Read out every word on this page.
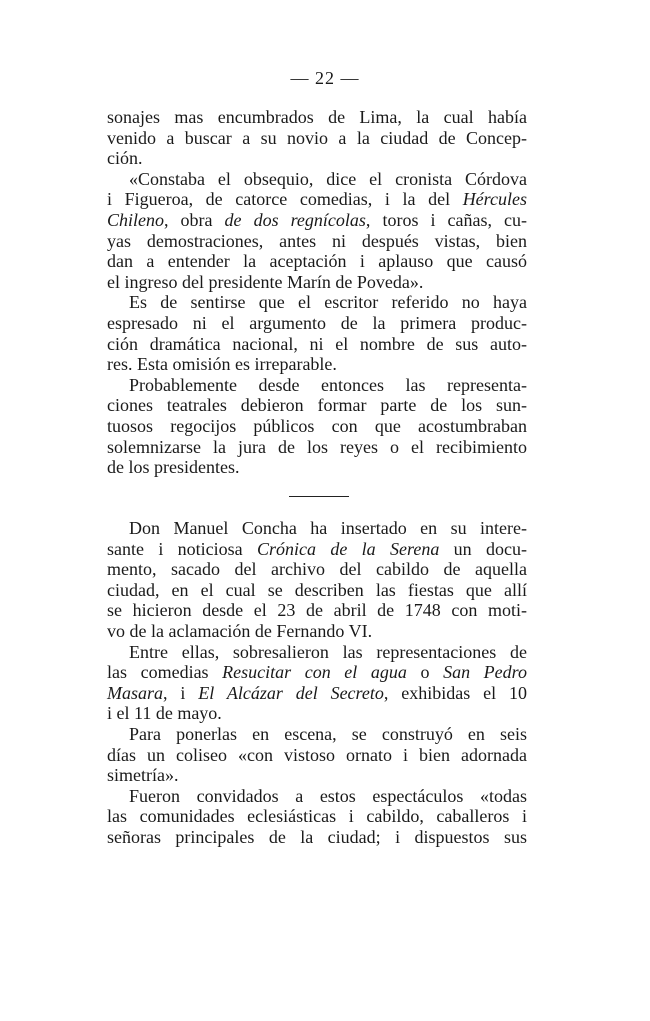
— 22 —
sonajes mas encumbrados de Lima, la cual había
venido a buscar a su novio a la ciudad de Concep-
ción.
«Constaba el obsequio, dice el cronista Córdova
i Figueroa, de catorce comedias, i la del Hércules
Chileno, obra de dos regnícolas, toros i cañas, cu-
yas demostraciones, antes ni después vistas, bien
dan a entender la aceptación i aplauso que causó
el ingreso del presidente Marín de Poveda».
Es de sentirse que el escritor referido no haya
espresado ni el argumento de la primera produc-
ción dramática nacional, ni el nombre de sus auto-
res. Esta omisión es irreparable.
Probablemente desde entonces las representa-
ciones teatrales debieron formar parte de los sun-
tuosos regocijos públicos con que acostumbraban
solemnizarse la jura de los reyes o el recibimiento
de los presidentes.
Don Manuel Concha ha insertado en su intere-
sante i noticiosa Crónica de la Serena un docu-
mento, sacado del archivo del cabildo de aquella
ciudad, en el cual se describen las fiestas que allí
se hicieron desde el 23 de abril de 1748 con moti-
vo de la aclamación de Fernando VI.
Entre ellas, sobresalieron las representaciones de
las comedias Resucitar con el agua o San Pedro
Masara, i El Alcázar del Secreto, exhibidas el 10
i el 11 de mayo.
Para ponerlas en escena, se construyó en seis
días un coliseo «con vistoso ornato i bien adornada
simetría».
Fueron convidados a estos espectáculos «todas
las comunidades eclesiásticas i cabildo, caballeros i
señoras principales de la ciudad; i dispuestos sus
